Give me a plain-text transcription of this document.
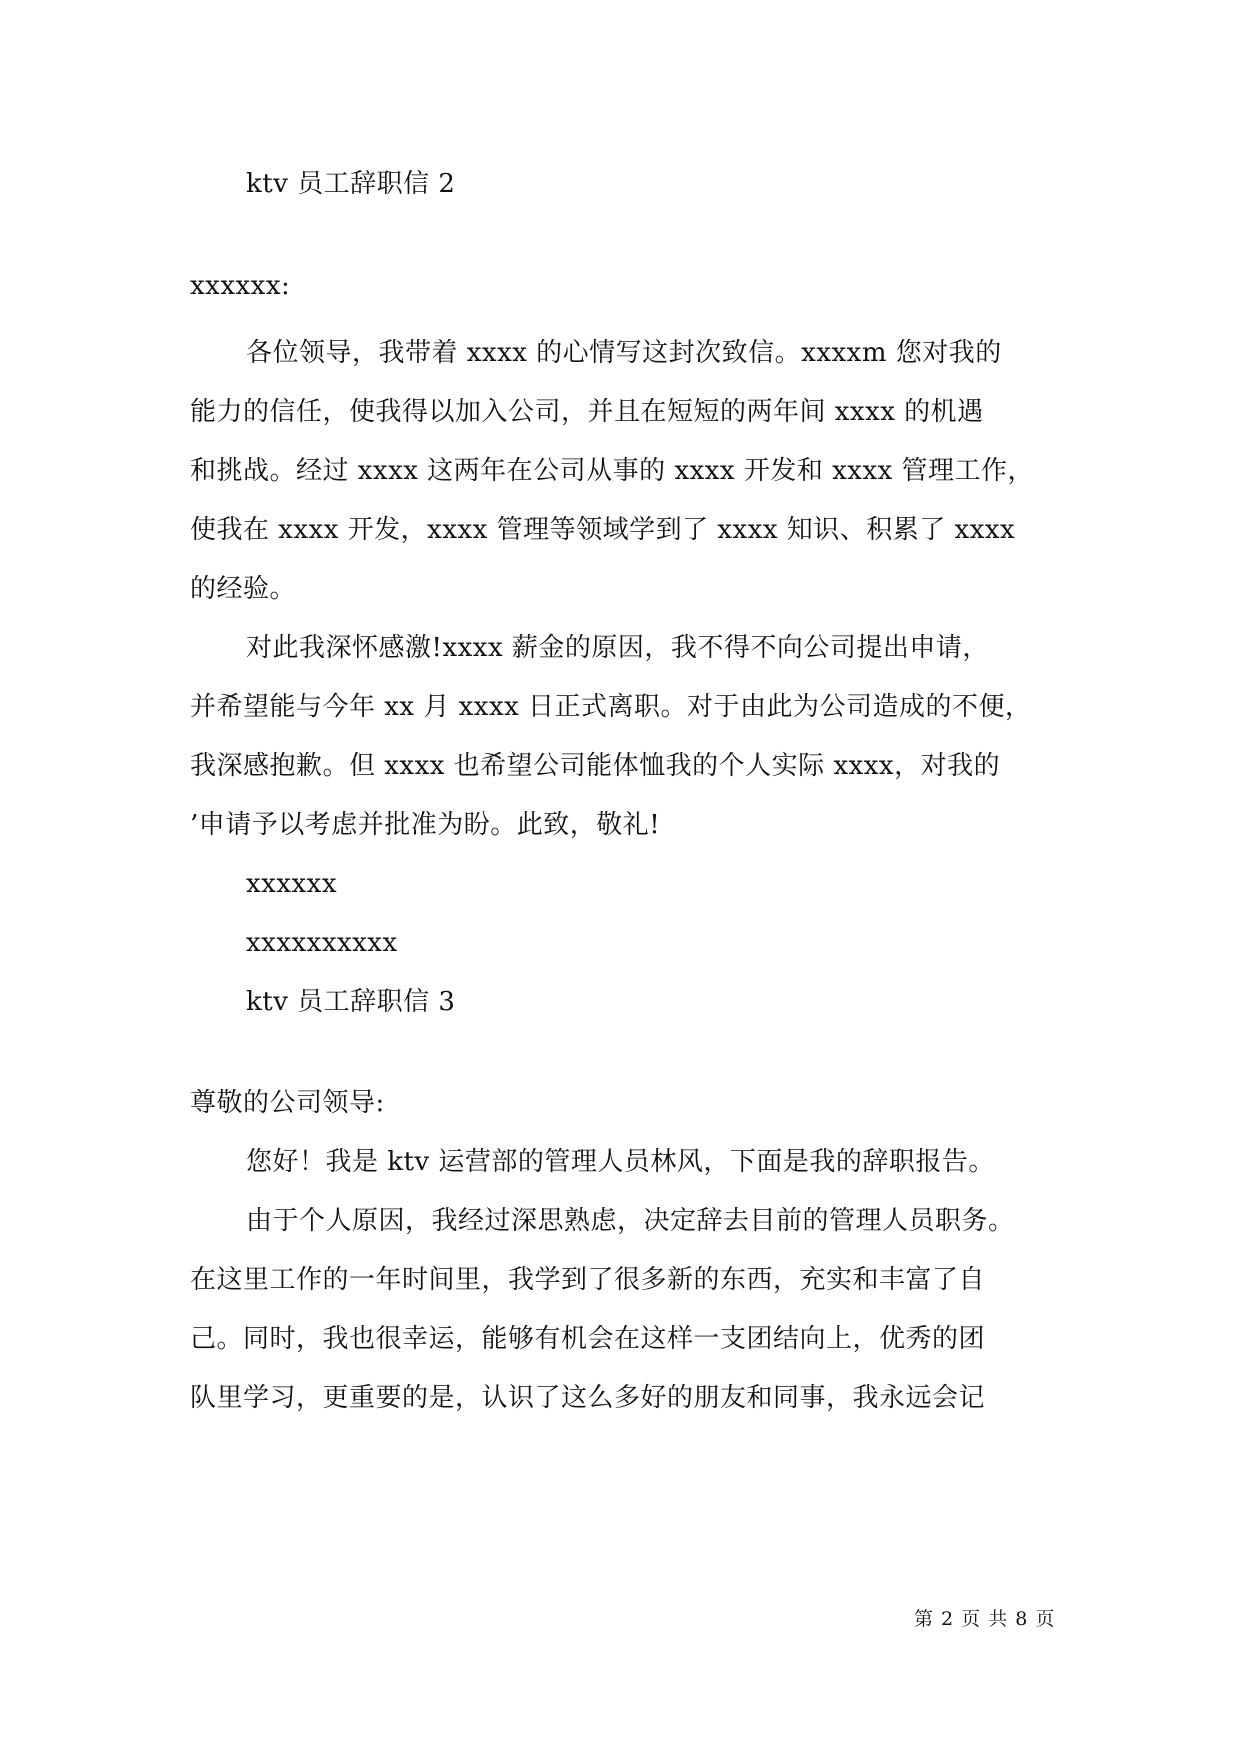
ktv 员工辞职信 2
xxxxxx:
各位领导，我带着 xxxx 的心情写这封次致信。xxxxm 您对我的
能力的信任，使我得以加入公司，并且在短短的两年间 xxxx 的机遇
和挑战。经过 xxxx 这两年在公司从事的 xxxx 开发和 xxxx 管理工作，
使我在 xxxx 开发，xxxx 管理等领域学到了 xxxx 知识、积累了 xxxx
的经验。
对此我深怀感激!xxxx 薪金的原因，我不得不向公司提出申请，
并希望能与今年 xx 月 xxxx 日正式离职。对于由此为公司造成的不便，
我深感抱歉。但 xxxx 也希望公司能体恤我的个人实际 xxxx，对我的
’申请予以考虑并批准为盼。此致，敬礼!
xxxxxx
xxxxxxxxxx
ktv 员工辞职信 3
尊敬的公司领导:
您好！我是 ktv 运营部的管理人员林风，下面是我的辞职报告。
由于个人原因，我经过深思熟虑，决定辞去目前的管理人员职务。
在这里工作的一年时间里，我学到了很多新的东西，充实和丰富了自
己。同时，我也很幸运，能够有机会在这样一支团结向上，优秀的团
队里学习，更重要的是，认识了这么多好的朋友和同事，我永远会记
第 2 页 共 8 页
